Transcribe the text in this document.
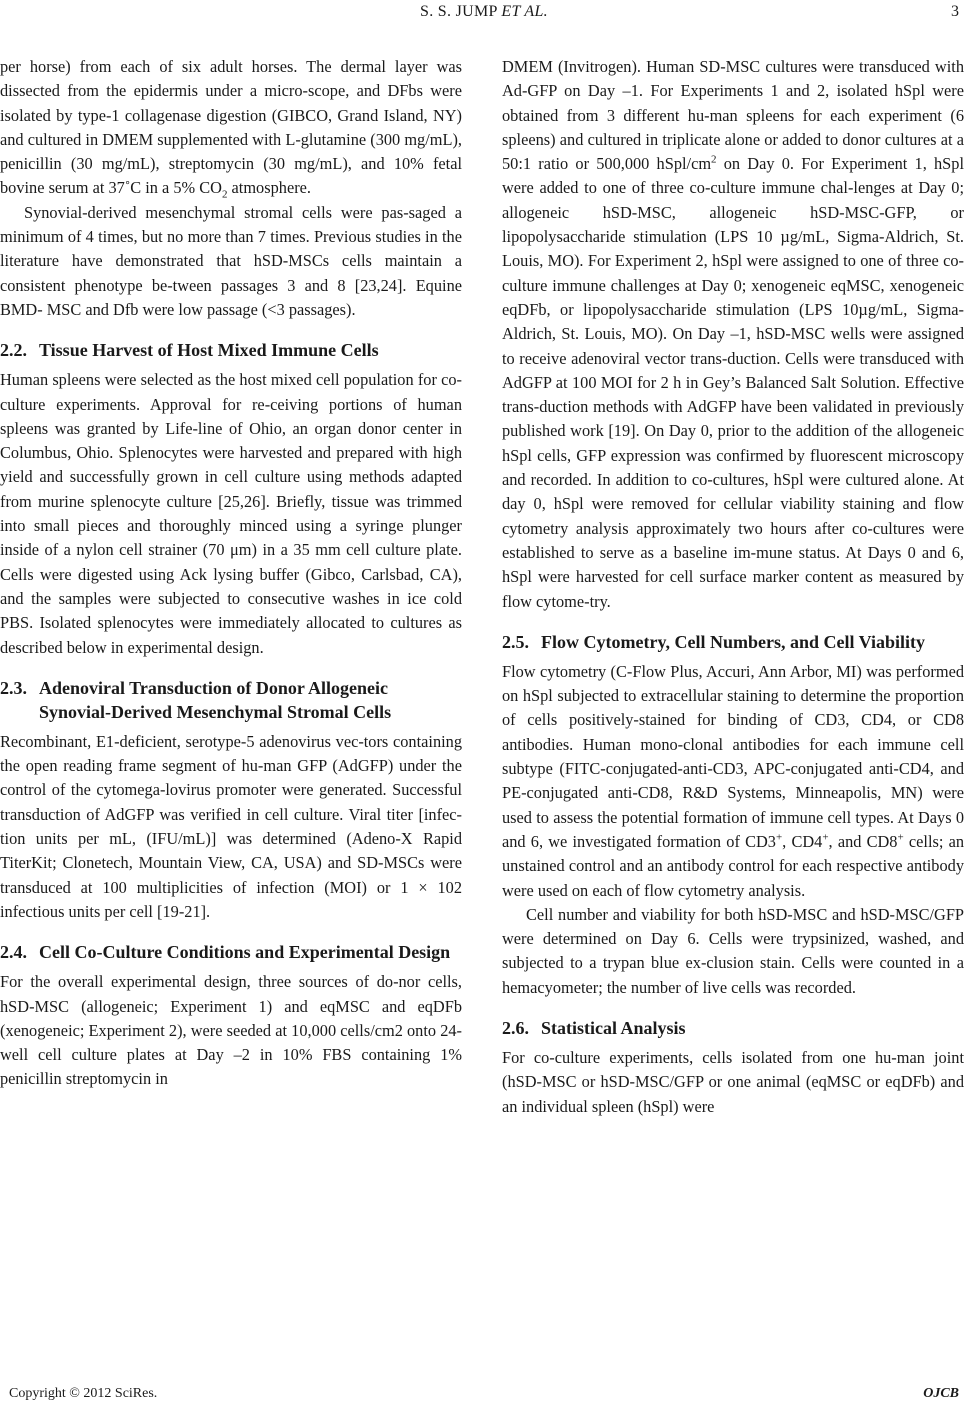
S. S. JUMP ET AL.	3

per horse) from each of six adult horses. The dermal layer was dissected from the epidermis under a micro-scope, and DFbs were isolated by type-1 collagenase digestion (GIBCO, Grand Island, NY) and cultured in DMEM supplemented with L-glutamine (300 mg/mL), penicillin (30 mg/mL), streptomycin (30 mg/mL), and 10% fetal bovine serum at 37˚C in a 5% $CO_2$ atmosphere.

Synovial-derived mesenchymal stromal cells were pas-saged a minimum of 4 times, but no more than 7 times. Previous studies in the literature have demonstrated that hSD-MSCs cells maintain a consistent phenotype be-tween passages 3 and 8 [23,24]. Equine BMD- MSC and Dfb were low passage (<3 passages).

2.2. Tissue Harvest of Host Mixed Immune Cells

Human spleens were selected as the host mixed cell population for co-culture experiments. Approval for re-ceiving portions of human spleens was granted by Life-line of Ohio, an organ donor center in Columbus, Ohio. Splenocytes were harvested and prepared with high yield and successfully grown in cell culture using methods adapted from murine splenocyte culture [25,26]. Briefly, tissue was trimmed into small pieces and thoroughly minced using a syringe plunger inside of a nylon cell strainer (70 μm) in a 35 mm cell culture plate. Cells were digested using Ack lysing buffer (Gibco, Carlsbad, CA), and the samples were subjected to consecutive washes in ice cold PBS. Isolated splenocytes were immediately allocated to cultures as described below in experimental design.

2.3. Adenoviral Transduction of Donor Allogeneic Synovial-Derived Mesenchymal Stromal Cells

Recombinant, E1-deficient, serotype-5 adenovirus vec-tors containing the open reading frame segment of hu-man GFP (AdGFP) under the control of the cytomega-lovirus promoter were generated. Successful transduction of AdGFP was verified in cell culture. Viral titer [infec-tion units per mL, (IFU/mL)] was determined (Adeno-X Rapid TiterKit; Clonetech, Mountain View, CA, USA) and SD-MSCs were transduced at 100 multiplicities of infection (MOI) or 1 × 102 infectious units per cell [19-21].

2.4. Cell Co-Culture Conditions and Experimental Design

For the overall experimental design, three sources of do-nor cells, hSD-MSC (allogeneic; Experiment 1) and eqMSC and eqDFb (xenogeneic; Experiment 2), were seeded at 10,000 cells/cm2 onto 24-well cell culture plates at Day –2 in 10% FBS containing 1% penicillin streptomycin in

DMEM (Invitrogen). Human SD-MSC cultures were transduced with Ad-GFP on Day –1. For Experiments 1 and 2, isolated hSpl were obtained from 3 different hu-man spleens for each experiment (6 spleens) and cultured in triplicate alone or added to donor cultures at a 50:1 ratio or 500,000 hSpl/$cm^2$ on Day 0. For Experiment 1, hSpl were added to one of three co-culture immune chal-lenges at Day 0; allogeneic hSD-MSC, allogeneic hSD-MSC-GFP, or lipopolysaccharide stimulation (LPS 10 µg/mL, Sigma-Aldrich, St. Louis, MO). For Experiment 2, hSpl were assigned to one of three co-culture immune challenges at Day 0; xenogeneic eqMSC, xenogeneic eqDFb, or lipopolysaccharide stimulation (LPS 10µg/mL, Sigma-Aldrich, St. Louis, MO). On Day –1, hSD-MSC wells were assigned to receive adenoviral vector trans-duction. Cells were transduced with AdGFP at 100 MOI for 2 h in Gey’s Balanced Salt Solution. Effective trans-duction methods with AdGFP have been validated in previously published work [19]. On Day 0, prior to the addition of the allogeneic hSpl cells, GFP expression was confirmed by fluorescent microscopy and recorded. In addition to co-cultures, hSpl were cultured alone. At day 0, hSpl were removed for cellular viability staining and flow cytometry analysis approximately two hours after co-cultures were established to serve as a baseline im-mune status. At Days 0 and 6, hSpl were harvested for cell surface marker content as measured by flow cytome-try.

2.5. Flow Cytometry, Cell Numbers, and Cell Viability

Flow cytometry (C-Flow Plus, Accuri, Ann Arbor, MI) was performed on hSpl subjected to extracellular staining to determine the proportion of cells positively-stained for binding of CD3, CD4, or CD8 antibodies. Human mono-clonal antibodies for each immune cell subtype (FITC-conjugated-anti-CD3, APC-conjugated anti-CD4, and PE-conjugated anti-CD8, R&D Systems, Minneapolis, MN) were used to assess the potential formation of immune cell types. At Days 0 and 6, we investigated formation of CD3+, CD4+, and CD8+ cells; an unstained control and an antibody control for each respective antibody were used on each of flow cytometry analysis.

Cell number and viability for both hSD-MSC and hSD-MSC/GFP were determined on Day 6. Cells were trypsinized, washed, and subjected to a trypan blue ex-clusion stain. Cells were counted in a hemacyometer; the number of live cells was recorded.

2.6. Statistical Analysis

For co-culture experiments, cells isolated from one hu-man joint (hSD-MSC or hSD-MSC/GFP or one animal (eqMSC or eqDFb) and an individual spleen (hSpl) were

Copyright © 2012 SciRes.	OJCB
